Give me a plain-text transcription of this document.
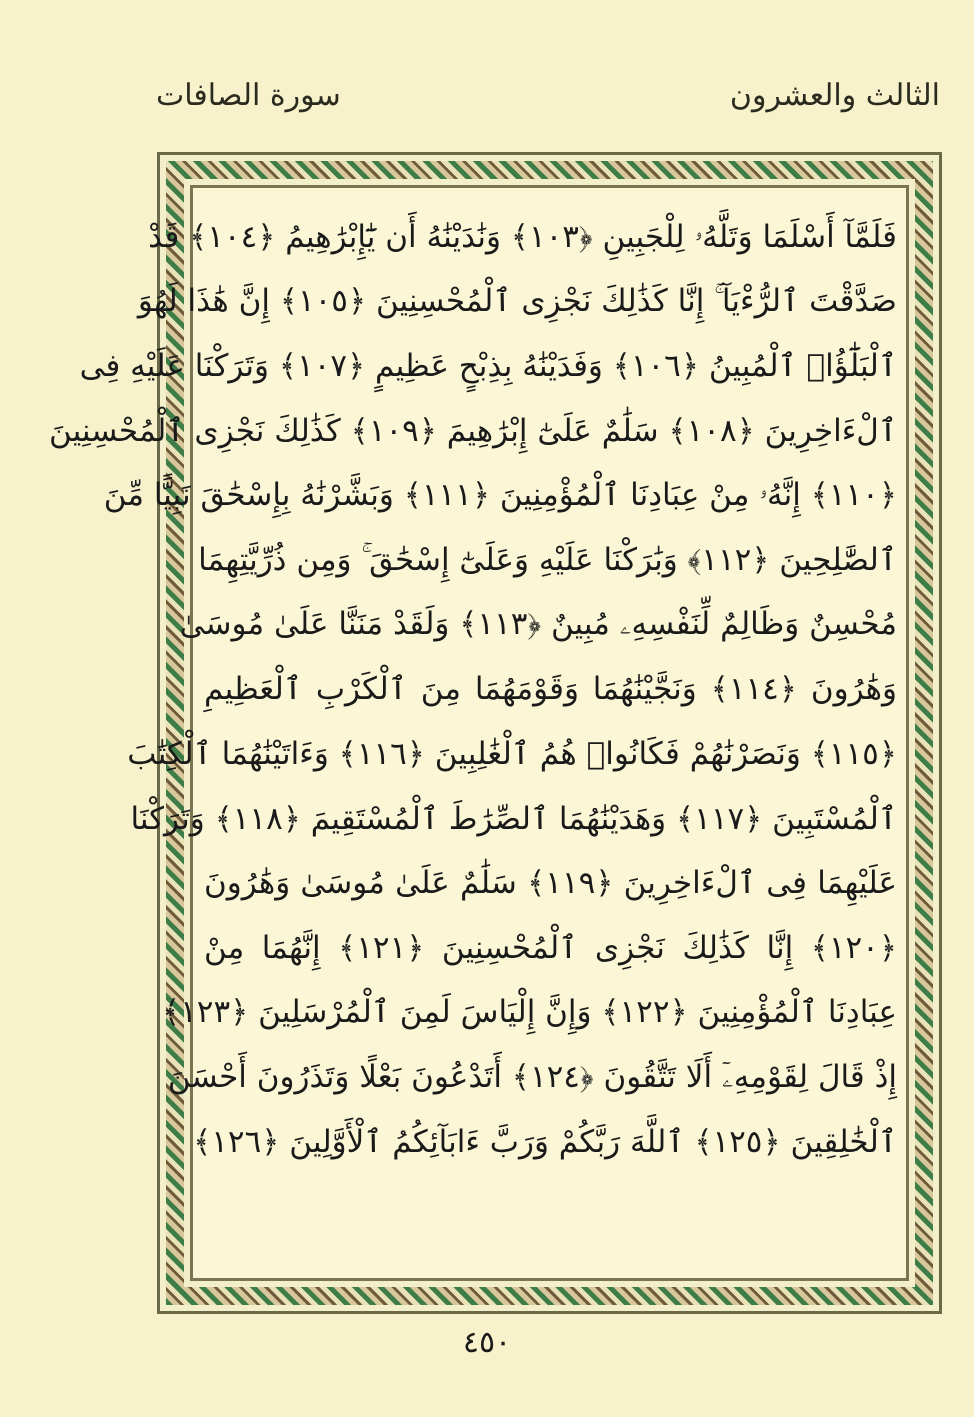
الثالث والعشرون
سورة الصافات
فَلَمَّآ أَسْلَمَا وَتَلَّهُۥ لِلْجَبِينِ ﴿١٠٣﴾ وَنَٰدَيْنَٰهُ أَن يَٰٓإِبْرَٰهِيمُ ﴿١٠٤﴾ قَدْ
صَدَّقْتَ ٱلرُّءْيَآ ۚ إِنَّا كَذَٰلِكَ نَجْزِى ٱلْمُحْسِنِينَ ﴿١٠٥﴾ إِنَّ هَٰذَا لَهُوَ
ٱلْبَلَٰٓؤُا۟ ٱلْمُبِينُ ﴿١٠٦﴾ وَفَدَيْنَٰهُ بِذِبْحٍ عَظِيمٍ ﴿١٠٧﴾ وَتَرَكْنَا عَلَيْهِ فِى
ٱلْءَاخِرِينَ ﴿١٠٨﴾ سَلَٰمٌ عَلَىٰٓ إِبْرَٰهِيمَ ﴿١٠٩﴾ كَذَٰلِكَ نَجْزِى ٱلْمُحْسِنِينَ
﴿١١٠﴾ إِنَّهُۥ مِنْ عِبَادِنَا ٱلْمُؤْمِنِينَ ﴿١١١﴾ وَبَشَّرْنَٰهُ بِإِسْحَٰقَ نَبِيًّا مِّنَ
ٱلصَّٰلِحِينَ ﴿١١٢﴾ وَبَٰرَكْنَا عَلَيْهِ وَعَلَىٰٓ إِسْحَٰقَ ۚ وَمِن ذُرِّيَّتِهِمَا
مُحْسِنٌ وَظَالِمٌ لِّنَفْسِهِۦ مُبِينٌ ﴿١١٣﴾ وَلَقَدْ مَنَنَّا عَلَىٰ مُوسَىٰ
وَهَٰرُونَ ﴿١١٤﴾ وَنَجَّيْنَٰهُمَا وَقَوْمَهُمَا مِنَ ٱلْكَرْبِ ٱلْعَظِيمِ
﴿١١٥﴾ وَنَصَرْنَٰهُمْ فَكَانُوا۟ هُمُ ٱلْغَٰلِبِينَ ﴿١١٦﴾ وَءَاتَيْنَٰهُمَا ٱلْكِتَٰبَ
ٱلْمُسْتَبِينَ ﴿١١٧﴾ وَهَدَيْنَٰهُمَا ٱلصِّرَٰطَ ٱلْمُسْتَقِيمَ ﴿١١٨﴾ وَتَرَكْنَا
عَلَيْهِمَا فِى ٱلْءَاخِرِينَ ﴿١١٩﴾ سَلَٰمٌ عَلَىٰ مُوسَىٰ وَهَٰرُونَ
﴿١٢٠﴾ إِنَّا كَذَٰلِكَ نَجْزِى ٱلْمُحْسِنِينَ ﴿١٢١﴾ إِنَّهُمَا مِنْ
عِبَادِنَا ٱلْمُؤْمِنِينَ ﴿١٢٢﴾ وَإِنَّ إِلْيَاسَ لَمِنَ ٱلْمُرْسَلِينَ ﴿١٢٣﴾
إِذْ قَالَ لِقَوْمِهِۦٓ أَلَا تَتَّقُونَ ﴿١٢٤﴾ أَتَدْعُونَ بَعْلًا وَتَذَرُونَ أَحْسَنَ
ٱلْخَٰلِقِينَ ﴿١٢٥﴾ ٱللَّهَ رَبَّكُمْ وَرَبَّ ءَابَآئِكُمُ ٱلْأَوَّلِينَ ﴿١٢٦﴾
٤٥٠
